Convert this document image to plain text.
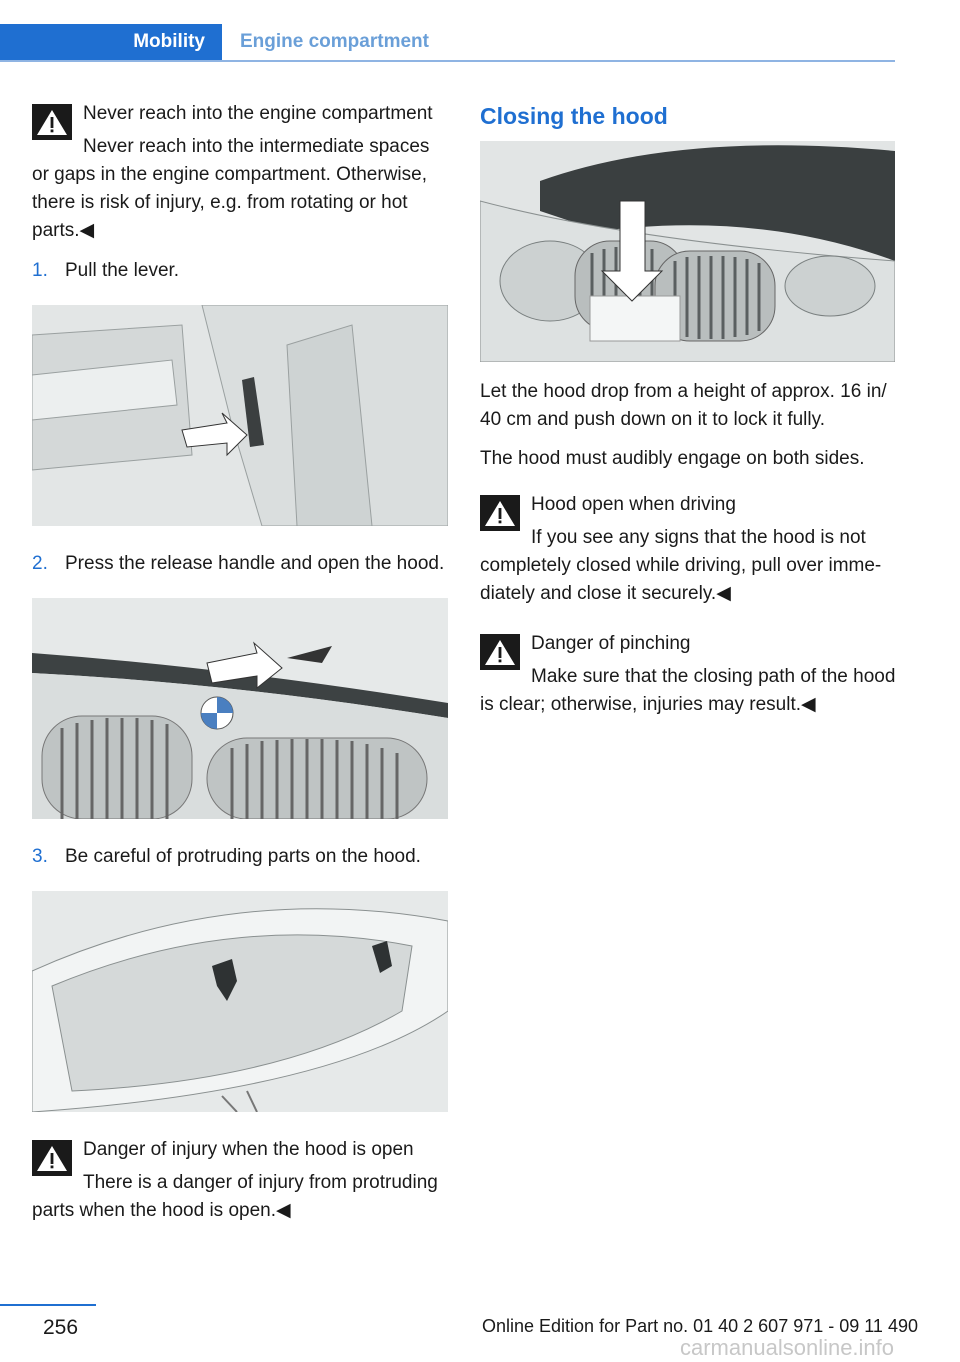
Mobility	Engine compartment

Never reach into the engine compartment

Never reach into the intermediate spaces or gaps in the engine compartment. Otherwise, there is risk of injury, e.g. from rotating or hot parts.◀

1. Pull the lever.
2. Press the release handle and open the hood.
3. Be careful of protruding parts on the hood.

Danger of injury when the hood is open

There is a danger of injury from protruding parts when the hood is open.◀

Closing the hood

Let the hood drop from a height of approx. 16 in/ 40 cm and push down on it to lock it fully.

The hood must audibly engage on both sides.

Hood open when driving

If you see any signs that the hood is not completely closed while driving, pull over imme‐ diately and close it securely.◀

Danger of pinching

Make sure that the closing path of the hood is clear; otherwise, injuries may result.◀

256	Online Edition for Part no. 01 40 2 607 971 - 09 11 490
carmanualsonline.info
